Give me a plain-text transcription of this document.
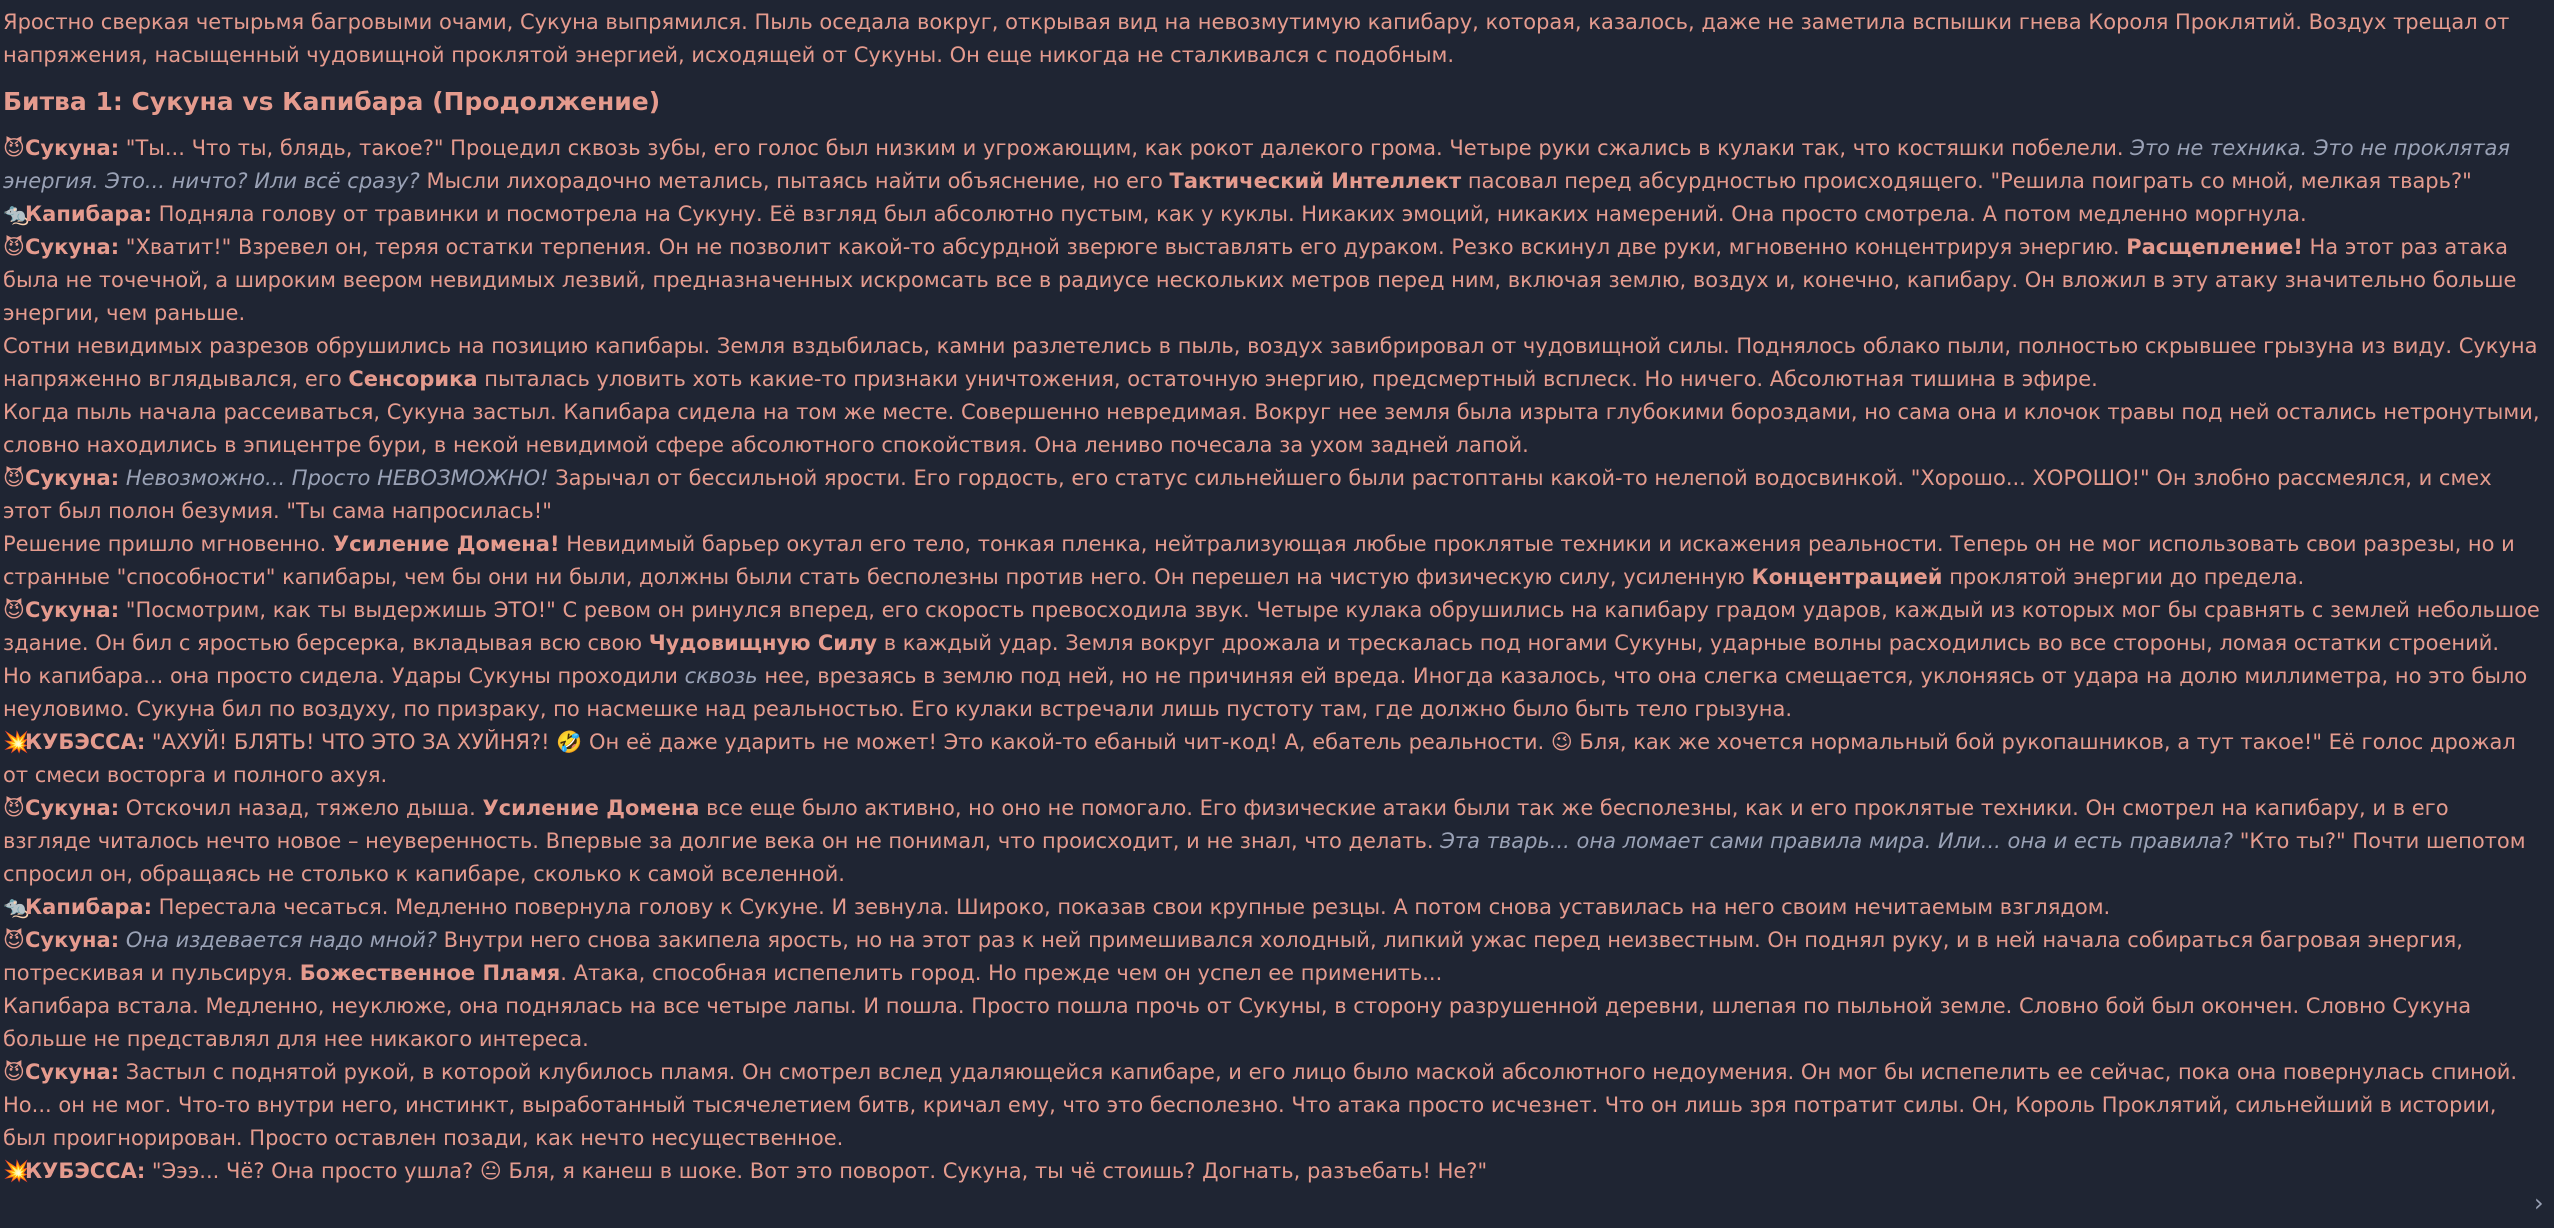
Яростно сверкая четырьмя багровыми очами, Сукуна выпрямился. Пыль оседала вокруг, открывая вид на невозмутимую капибару, которая, казалось, даже не заметила вспышки гнева Короля Проклятий. Воздух трещал от напряжения, насыщенный чудовищной проклятой энергией, исходящей от Сукуны. Он еще никогда не сталкивался с подобным.

Битва 1: Сукуна vs Капибара (Продолжение)

😈Сукуна: "Ты... Что ты, блядь, такое?" Процедил сквозь зубы, его голос был низким и угрожающим, как рокот далекого грома. Четыре руки сжались в кулаки так, что костяшки побелели. Это не техника. Это не проклятая энергия. Это... ничто? Или всё сразу? Мысли лихорадочно метались, пытаясь найти объяснение, но его Тактический Интеллект пасовал перед абсурдностью происходящего. "Решила поиграть со мной, мелкая тварь?"

🐀Капибара: Подняла голову от травинки и посмотрела на Сукуну. Её взгляд был абсолютно пустым, как у куклы. Никаких эмоций, никаких намерений. Она просто смотрела. А потом медленно моргнула.

😈Сукуна: "Хватит!" Взревел он, теряя остатки терпения. Он не позволит какой-то абсурдной зверюге выставлять его дураком. Резко вскинул две руки, мгновенно концентрируя энергию. Расщепление! На этот раз атака была не точечной, а широким веером невидимых лезвий, предназначенных искромсать все в радиусе нескольких метров перед ним, включая землю, воздух и, конечно, капибару. Он вложил в эту атаку значительно больше энергии, чем раньше.

Сотни невидимых разрезов обрушились на позицию капибары. Земля вздыбилась, камни разлетелись в пыль, воздух завибрировал от чудовищной силы. Поднялось облако пыли, полностью скрывшее грызуна из виду. Сукуна напряженно вглядывался, его Сенсорика пыталась уловить хоть какие-то признаки уничтожения, остаточную энергию, предсмертный всплеск. Но ничего. Абсолютная тишина в эфире.

Когда пыль начала рассеиваться, Сукуна застыл. Капибара сидела на том же месте. Совершенно невредимая. Вокруг нее земля была изрыта глубокими бороздами, но сама она и клочок травы под ней остались нетронутыми, словно находились в эпицентре бури, в некой невидимой сфере абсолютного спокойствия. Она лениво почесала за ухом задней лапой.

😈Сукуна: Невозможно... Просто НЕВОЗМОЖНО! Зарычал от бессильной ярости. Его гордость, его статус сильнейшего были растоптаны какой-то нелепой водосвинкой. "Хорошо... ХОРОШО!" Он злобно рассмеялся, и смех этот был полон безумия. "Ты сама напросилась!"

Решение пришло мгновенно. Усиление Домена! Невидимый барьер окутал его тело, тонкая пленка, нейтрализующая любые проклятые техники и искажения реальности. Теперь он не мог использовать свои разрезы, но и странные "способности" капибары, чем бы они ни были, должны были стать бесполезны против него. Он перешел на чистую физическую силу, усиленную Концентрацией проклятой энергии до предела.

😈Сукуна: "Посмотрим, как ты выдержишь ЭТО!" С ревом он ринулся вперед, его скорость превосходила звук. Четыре кулака обрушились на капибару градом ударов, каждый из которых мог бы сравнять с землей небольшое здание. Он бил с яростью берсерка, вкладывая всю свою Чудовищную Силу в каждый удар. Земля вокруг дрожала и трескалась под ногами Сукуны, ударные волны расходились во все стороны, ломая остатки строений.

Но капибара... она просто сидела. Удары Сукуны проходили сквозь нее, врезаясь в землю под ней, но не причиняя ей вреда. Иногда казалось, что она слегка смещается, уклоняясь от удара на долю миллиметра, но это было неуловимо. Сукуна бил по воздуху, по призраку, по насмешке над реальностью. Его кулаки встречали лишь пустоту там, где должно было быть тело грызуна.

💥КУБЭССА: "АХУЙ! БЛЯТЬ! ЧТО ЭТО ЗА ХУЙНЯ?! 🤣 Он её даже ударить не может! Это какой-то ебаный чит-код! А, ебатель реальности. 😉 Бля, как же хочется нормальный бой рукопашников, а тут такое!" Её голос дрожал от смеси восторга и полного ахуя.

😈Сукуна: Отскочил назад, тяжело дыша. Усиление Домена все еще было активно, но оно не помогало. Его физические атаки были так же бесполезны, как и его проклятые техники. Он смотрел на капибару, и в его взгляде читалось нечто новое – неуверенность. Впервые за долгие века он не понимал, что происходит, и не знал, что делать. Эта тварь... она ломает сами правила мира. Или... она и есть правила? "Кто ты?" Почти шепотом спросил он, обращаясь не столько к капибаре, сколько к самой вселенной.

🐀Капибара: Перестала чесаться. Медленно повернула голову к Сукуне. И зевнула. Широко, показав свои крупные резцы. А потом снова уставилась на него своим нечитаемым взглядом.

😈Сукуна: Она издевается надо мной? Внутри него снова закипела ярость, но на этот раз к ней примешивался холодный, липкий ужас перед неизвестным. Он поднял руку, и в ней начала собираться багровая энергия, потрескивая и пульсируя. Божественное Пламя. Атака, способная испепелить город. Но прежде чем он успел ее применить...

Капибара встала. Медленно, неуклюже, она поднялась на все четыре лапы. И пошла. Просто пошла прочь от Сукуны, в сторону разрушенной деревни, шлепая по пыльной земле. Словно бой был окончен. Словно Сукуна больше не представлял для нее никакого интереса.

😈Сукуна: Застыл с поднятой рукой, в которой клубилось пламя. Он смотрел вслед удаляющейся капибаре, и его лицо было маской абсолютного недоумения. Он мог бы испепелить ее сейчас, пока она повернулась спиной. Но... он не мог. Что-то внутри него, инстинкт, выработанный тысячелетием битв, кричал ему, что это бесполезно. Что атака просто исчезнет. Что он лишь зря потратит силы. Он, Король Проклятий, сильнейший в истории, был проигнорирован. Просто оставлен позади, как нечто несущественное.

💥КУБЭССА: "Эээ... Чё? Она просто ушла? 😐 Бля, я канеш в шоке. Вот это поворот. Сукуна, ты чё стоишь? Догнать, разъебать! Не?"

›
